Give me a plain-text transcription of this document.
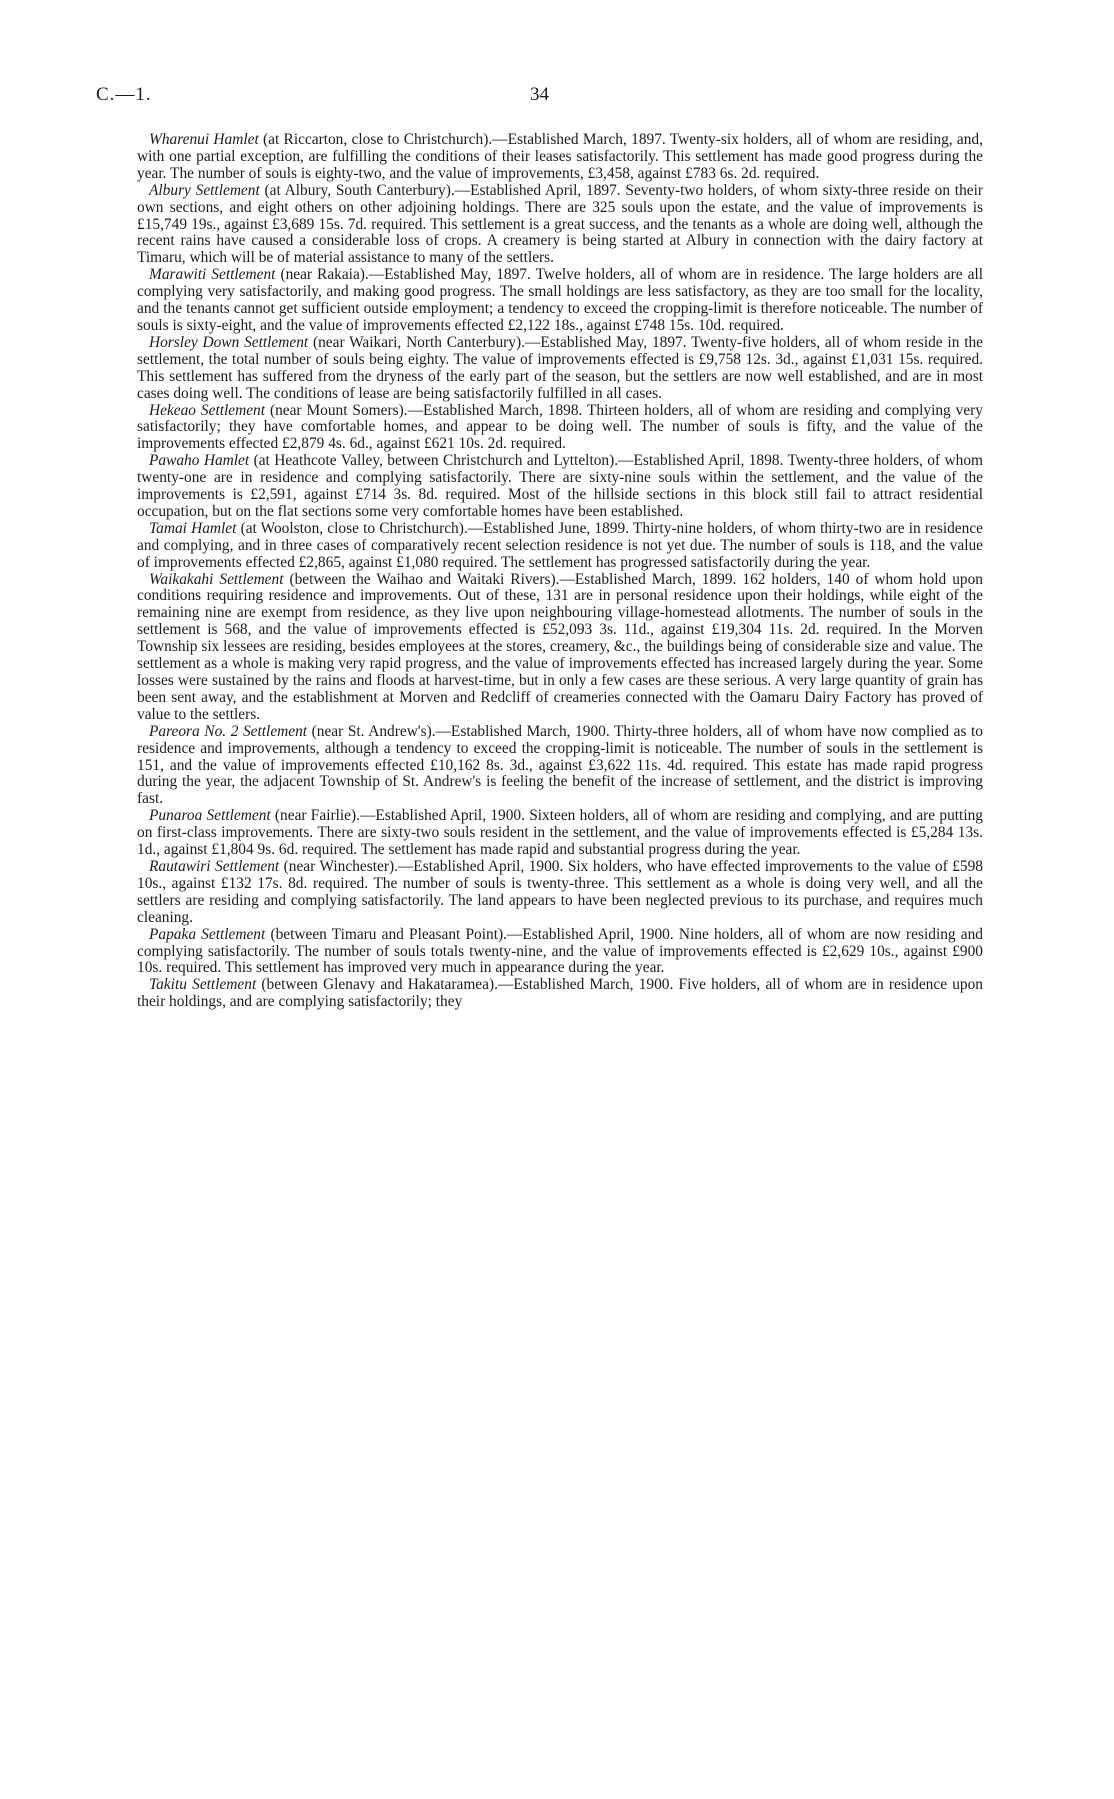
C.—1.	34

Wharenui Hamlet (at Riccarton, close to Christchurch).—Established March, 1897. Twenty-six holders, all of whom are residing, and, with one partial exception, are fulfilling the conditions of their leases satisfactorily. This settlement has made good progress during the year. The number of souls is eighty-two, and the value of improvements, £3,458, against £783 6s. 2d. required.

Albury Settlement (at Albury, South Canterbury).—Established April, 1897. Seventy-two holders, of whom sixty-three reside on their own sections, and eight others on other adjoining holdings. There are 325 souls upon the estate, and the value of improvements is £15,749 19s., against £3,689 15s. 7d. required. This settlement is a great success, and the tenants as a whole are doing well, although the recent rains have caused a considerable loss of crops. A creamery is being started at Albury in connection with the dairy factory at Timaru, which will be of material assistance to many of the settlers.

Marawiti Settlement (near Rakaia).—Established May, 1897. Twelve holders, all of whom are in residence. The large holders are all complying very satisfactorily, and making good progress. The small holdings are less satisfactory, as they are too small for the locality, and the tenants cannot get sufficient outside employment; a tendency to exceed the cropping-limit is therefore noticeable. The number of souls is sixty-eight, and the value of improvements effected £2,122 18s., against £748 15s. 10d. required.

Horsley Down Settlement (near Waikari, North Canterbury).—Established May, 1897. Twenty-five holders, all of whom reside in the settlement, the total number of souls being eighty. The value of improvements effected is £9,758 12s. 3d., against £1,031 15s. required. This settlement has suffered from the dryness of the early part of the season, but the settlers are now well established, and are in most cases doing well. The conditions of lease are being satisfactorily fulfilled in all cases.

Hekeao Settlement (near Mount Somers).—Established March, 1898. Thirteen holders, all of whom are residing and complying very satisfactorily; they have comfortable homes, and appear to be doing well. The number of souls is fifty, and the value of the improvements effected £2,879 4s. 6d., against £621 10s. 2d. required.

Pawaho Hamlet (at Heathcote Valley, between Christchurch and Lyttelton).—Established April, 1898. Twenty-three holders, of whom twenty-one are in residence and complying satisfactorily. There are sixty-nine souls within the settlement, and the value of the improvements is £2,591, against £714 3s. 8d. required. Most of the hillside sections in this block still fail to attract residential occupation, but on the flat sections some very comfortable homes have been established.

Tamai Hamlet (at Woolston, close to Christchurch).—Established June, 1899. Thirty-nine holders, of whom thirty-two are in residence and complying, and in three cases of comparatively recent selection residence is not yet due. The number of souls is 118, and the value of improvements effected £2,865, against £1,080 required. The settlement has progressed satisfactorily during the year.

Waikakahi Settlement (between the Waihao and Waitaki Rivers).—Established March, 1899. 162 holders, 140 of whom hold upon conditions requiring residence and improvements. Out of these, 131 are in personal residence upon their holdings, while eight of the remaining nine are exempt from residence, as they live upon neighbouring village-homestead allotments. The number of souls in the settlement is 568, and the value of improvements effected is £52,093 3s. 11d., against £19,304 11s. 2d. required. In the Morven Township six lessees are residing, besides employees at the stores, creamery, &c., the buildings being of considerable size and value. The settlement as a whole is making very rapid progress, and the value of improvements effected has increased largely during the year. Some losses were sustained by the rains and floods at harvest-time, but in only a few cases are these serious. A very large quantity of grain has been sent away, and the establishment at Morven and Redcliff of creameries connected with the Oamaru Dairy Factory has proved of value to the settlers.

Pareora No. 2 Settlement (near St. Andrew's).—Established March, 1900. Thirty-three holders, all of whom have now complied as to residence and improvements, although a tendency to exceed the cropping-limit is noticeable. The number of souls in the settlement is 151, and the value of improvements effected £10,162 8s. 3d., against £3,622 11s. 4d. required. This estate has made rapid progress during the year, the adjacent Township of St. Andrew's is feeling the benefit of the increase of settlement, and the district is improving fast.

Punaroa Settlement (near Fairlie).—Established April, 1900. Sixteen holders, all of whom are residing and complying, and are putting on first-class improvements. There are sixty-two souls resident in the settlement, and the value of improvements effected is £5,284 13s. 1d., against £1,804 9s. 6d. required. The settlement has made rapid and substantial progress during the year.

Rautawiri Settlement (near Winchester).—Established April, 1900. Six holders, who have effected improvements to the value of £598 10s., against £132 17s. 8d. required. The number of souls is twenty-three. This settlement as a whole is doing very well, and all the settlers are residing and complying satisfactorily. The land appears to have been neglected previous to its purchase, and requires much cleaning.

Papaka Settlement (between Timaru and Pleasant Point).—Established April, 1900. Nine holders, all of whom are now residing and complying satisfactorily. The number of souls totals twenty-nine, and the value of improvements effected is £2,629 10s., against £900 10s. required. This settlement has improved very much in appearance during the year.

Takitu Settlement (between Glenavy and Hakataramea).—Established March, 1900. Five holders, all of whom are in residence upon their holdings, and are complying satisfactorily; they
